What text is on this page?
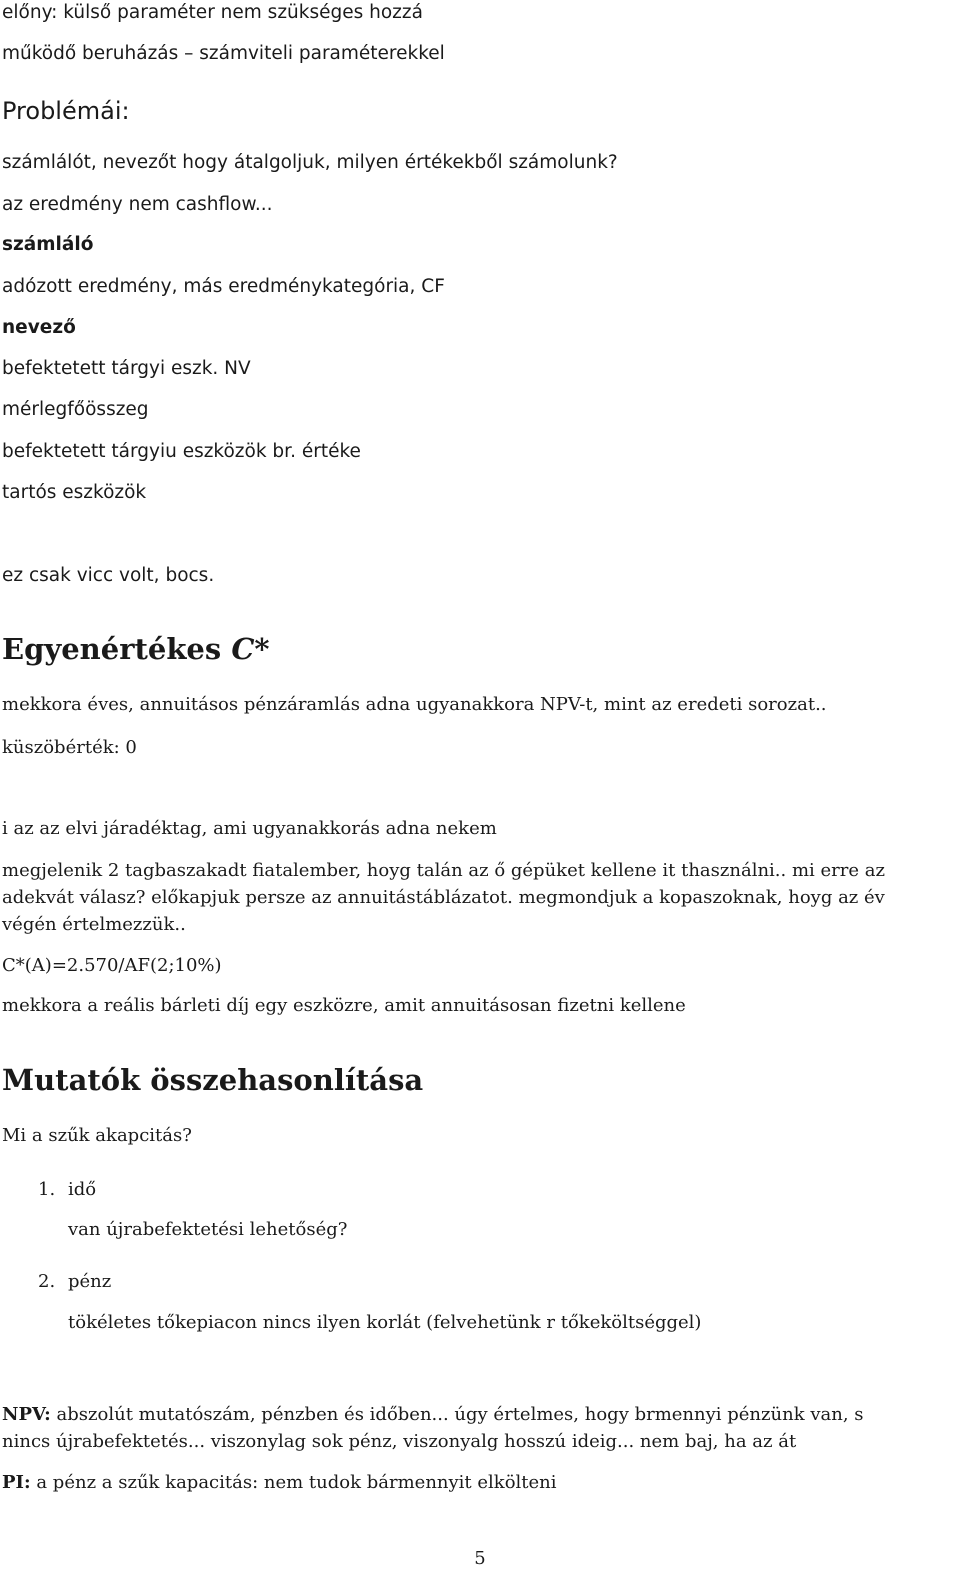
előny: külső paraméter nem szükséges hozzá
működő beruházás – számviteli paraméterekkel
Problémái:
számlálót, nevezőt hogy átalgoljuk, milyen értékekből számolunk?
az eredmény nem cashflow...
számláló
adózott eredmény, más eredménykategória, CF
nevező
befektetett tárgyi eszk. NV
mérlegfőösszeg
befektetett tárgyiu eszközök br. értéke
tartós eszközök
ez csak vicc volt, bocs.
Egyenértékes C*
mekkora éves, annuitásos pénzáramlás adna ugyanakkora NPV-t, mint az eredeti sorozat..
küszöbérték: 0
i az az elvi járadéktag, ami ugyanakkorás adna nekem
megjelenik 2 tagbaszakadt fiatalember, hoyg talán az ő gépüket kellene it thasználni.. mi erre az
adekvát válasz? előkapjuk persze az annuitástáblázatot. megmondjuk a kopaszoknak, hoyg az év
végén értelmezzük..
C*(A)=2.570/AF(2;10%)
mekkora a reális bárleti díj egy eszközre, amit annuitásosan fizetni kellene
Mutatók összehasonlítása
Mi a szűk akapcitás?
1. idő
van újrabefektetési lehetőség?
2. pénz
tökéletes tőkepiacon nincs ilyen korlát (felvehetünk r tőkeköltséggel)
NPV: abszolút mutatószám, pénzben és időben... úgy értelmes, hogy brmennyi pénzünk van, s
nincs újrabefektetés... viszonylag sok pénz, viszonyalg hosszú ideig... nem baj, ha az át
PI: a pénz a szűk kapacitás: nem tudok bármennyit elkölteni
5
